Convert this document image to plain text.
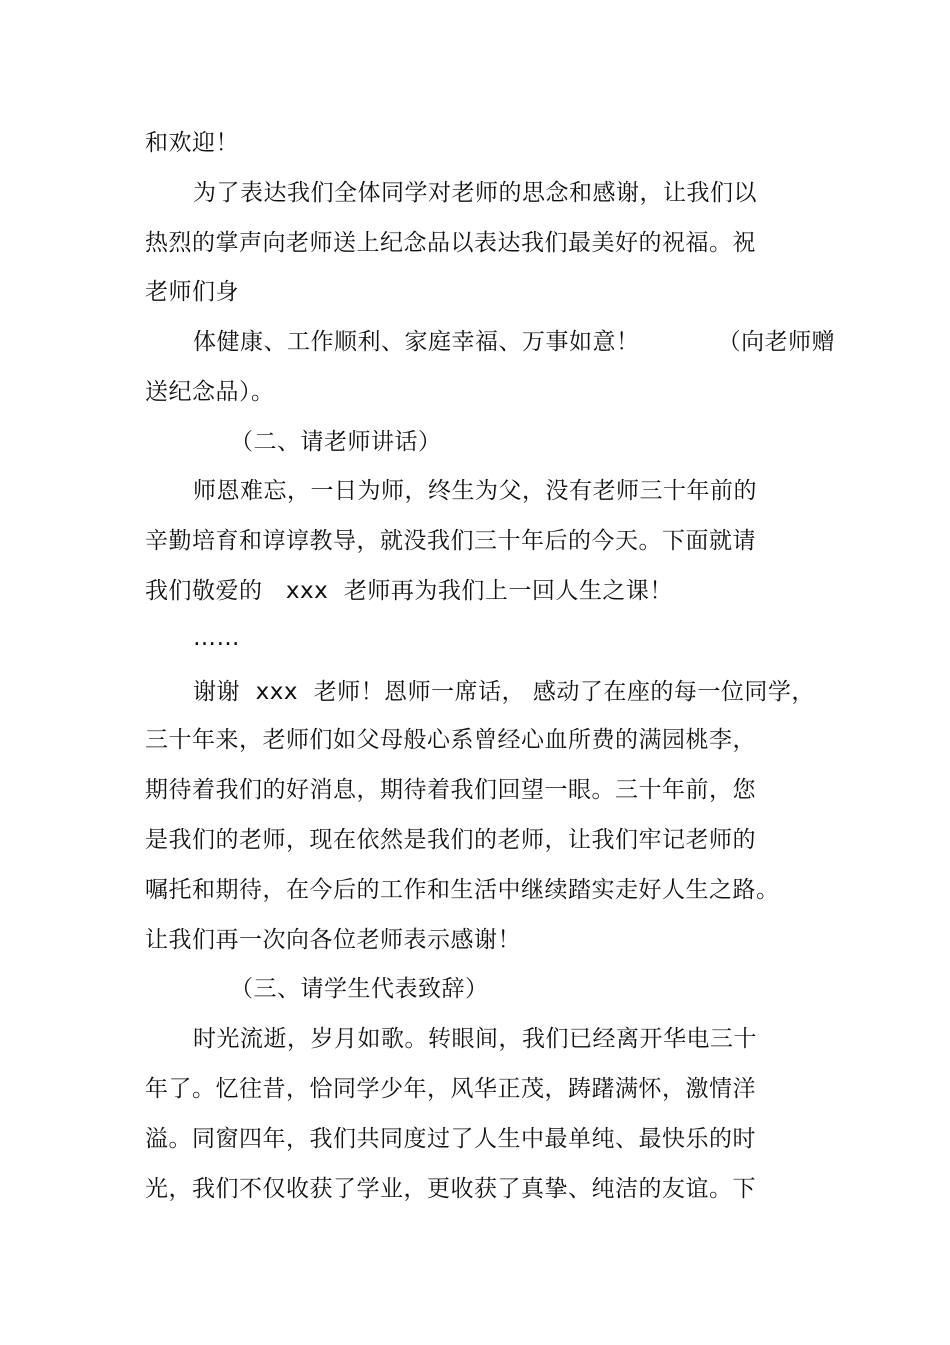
和欢迎！
为了表达我们全体同学对老师的思念和感谢，让我们以
热烈的掌声向老师送上纪念品以表达我们最美好的祝福。祝
老师们身
体健康、工作顺利、家庭幸福、万事如意！          （向老师赠
送纪念品）。
（二、请老师讲话）
师恩难忘，一日为师，终生为父，没有老师三十年前的
辛勤培育和谆谆教导，就没我们三十年后的今天。下面就请
我们敬爱的   xxx  老师再为我们上一回人生之课！
……
谢谢  xxx  老师！恩师一席话， 感动了在座的每一位同学，
三十年来，老师们如父母般心系曾经心血所费的满园桃李，
期待着我们的好消息，期待着我们回望一眼。三十年前，您
是我们的老师，现在依然是我们的老师，让我们牢记老师的
嘱托和期待，在今后的工作和生活中继续踏实走好人生之路。
让我们再一次向各位老师表示感谢！
（三、请学生代表致辞）
时光流逝，岁月如歌。转眼间，我们已经离开华电三十
年了。忆往昔，恰同学少年，风华正茂，踌躇满怀，激情洋
溢。同窗四年，我们共同度过了人生中最单纯、最快乐的时
光，我们不仅收获了学业，更收获了真挚、纯洁的友谊。下
